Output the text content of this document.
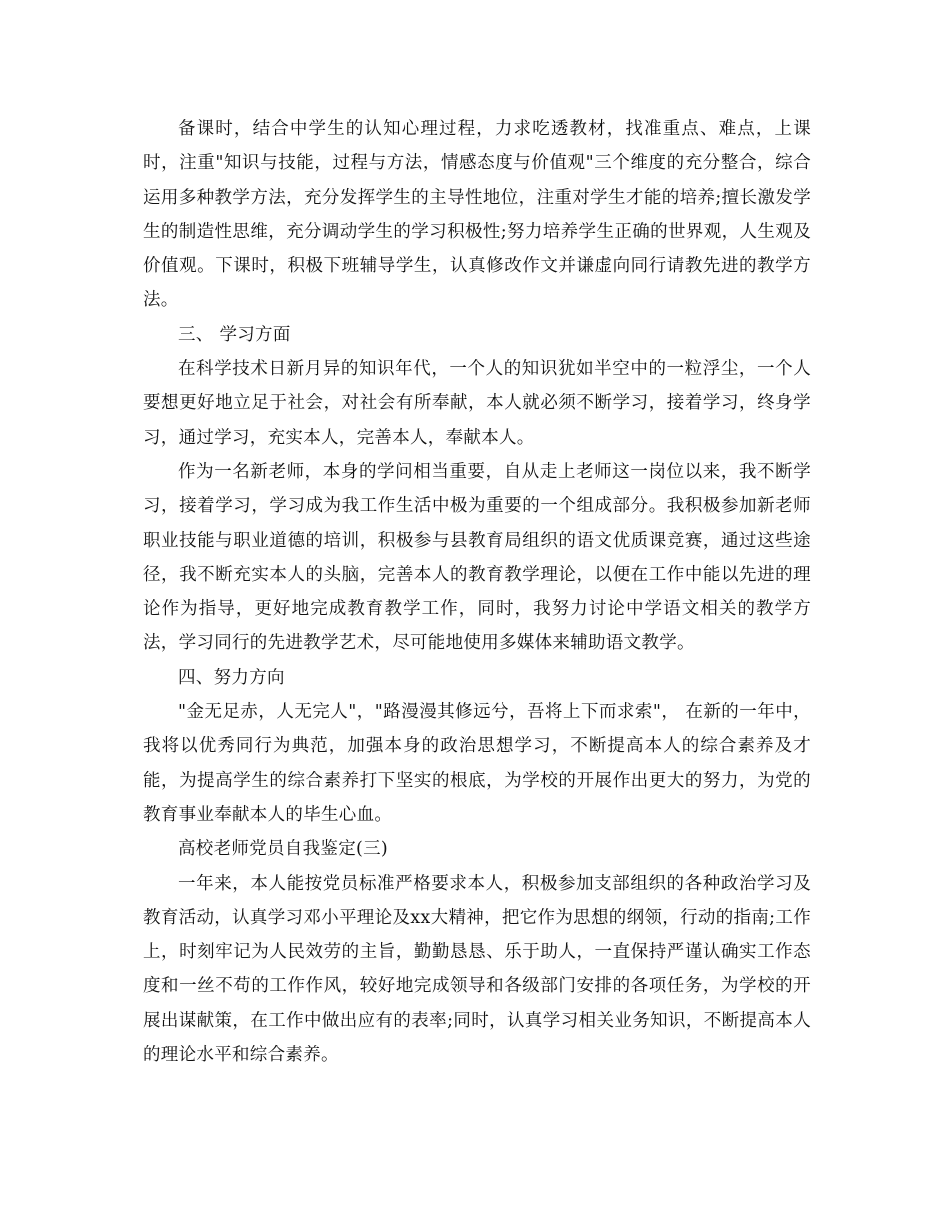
备课时，结合中学生的认知心理过程，力求吃透教材，找准重点、难点，上课时，注重"知识与技能，过程与方法，情感态度与价值观"三个维度的充分整合，综合运用多种教学方法，充分发挥学生的主导性地位，注重对学生才能的培养;擅长激发学生的制造性思维，充分调动学生的学习积极性;努力培养学生正确的世界观，人生观及价值观。下课时，积极下班辅导学生，认真修改作文并谦虚向同行请教先进的教学方法。

三、 学习方面

在科学技术日新月异的知识年代，一个人的知识犹如半空中的一粒浮尘，一个人要想更好地立足于社会，对社会有所奉献，本人就必须不断学习，接着学习，终身学习，通过学习，充实本人，完善本人，奉献本人。

作为一名新老师，本身的学问相当重要，自从走上老师这一岗位以来，我不断学习，接着学习，学习成为我工作生活中极为重要的一个组成部分。我积极参加新老师职业技能与职业道德的培训，积极参与县教育局组织的语文优质课竞赛，通过这些途径，我不断充实本人的头脑，完善本人的教育教学理论，以便在工作中能以先进的理论作为指导，更好地完成教育教学工作，同时，我努力讨论中学语文相关的教学方法，学习同行的先进教学艺术，尽可能地使用多媒体来辅助语文教学。

四、努力方向

"金无足赤，人无完人"，"路漫漫其修远兮，吾将上下而求索"， 在新的一年中，我将以优秀同行为典范，加强本身的政治思想学习，不断提高本人的综合素养及才能，为提高学生的综合素养打下坚实的根底，为学校的开展作出更大的努力，为党的教育事业奉献本人的毕生心血。

高校老师党员自我鉴定(三)

一年来，本人能按党员标准严格要求本人，积极参加支部组织的各种政治学习及教育活动，认真学习邓小平理论及xx大精神，把它作为思想的纲领，行动的指南;工作上，时刻牢记为人民效劳的主旨，勤勤恳恳、乐于助人，一直保持严谨认确实工作态度和一丝不苟的工作作风，较好地完成领导和各级部门安排的各项任务，为学校的开展出谋献策，在工作中做出应有的表率;同时，认真学习相关业务知识，不断提高本人的理论水平和综合素养。
